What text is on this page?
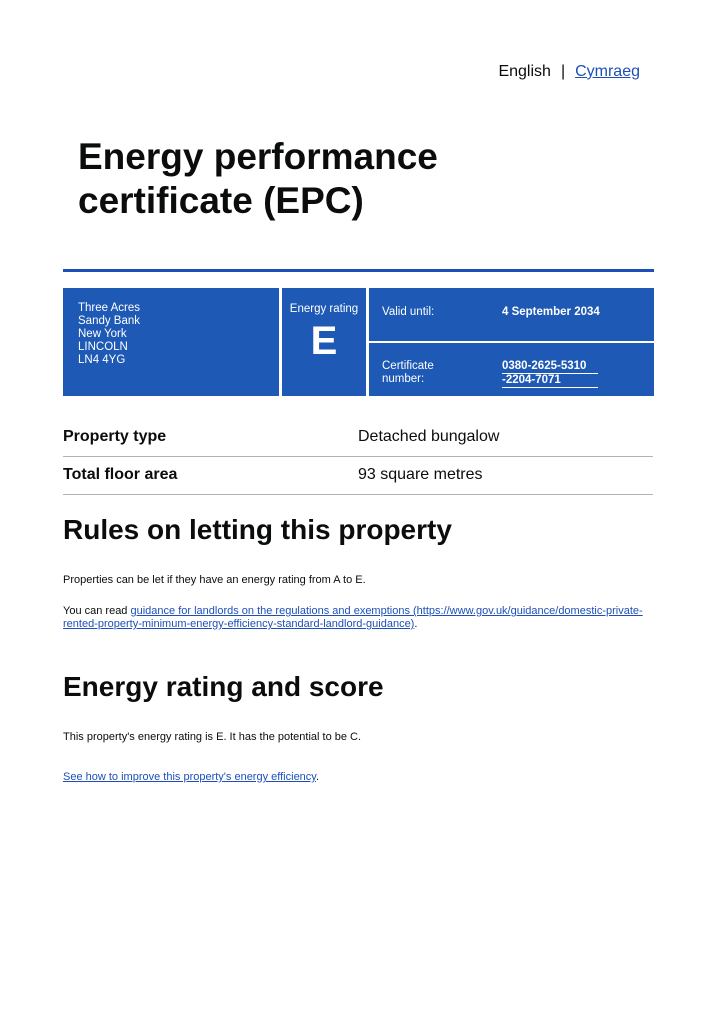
English | Cymraeg
Energy performance certificate (EPC)
Three Acres
Sandy Bank
New York
LINCOLN
LN4 4YG
Energy rating
E
Valid until:	4 September 2034
Certificate number:
0380-2625-5310
-2204-7071
Property type	Detached bungalow
Total floor area	93 square metres
Rules on letting this property

Properties can be let if they have an energy rating from A to E.

You can read guidance for landlords on the regulations and exemptions (https://www.gov.uk/guidance/domestic-private-rented-property-minimum-energy-efficiency-standard-landlord-guidance).

Energy rating and score

This property's energy rating is E. It has the potential to be C.

See how to improve this property's energy efficiency.
